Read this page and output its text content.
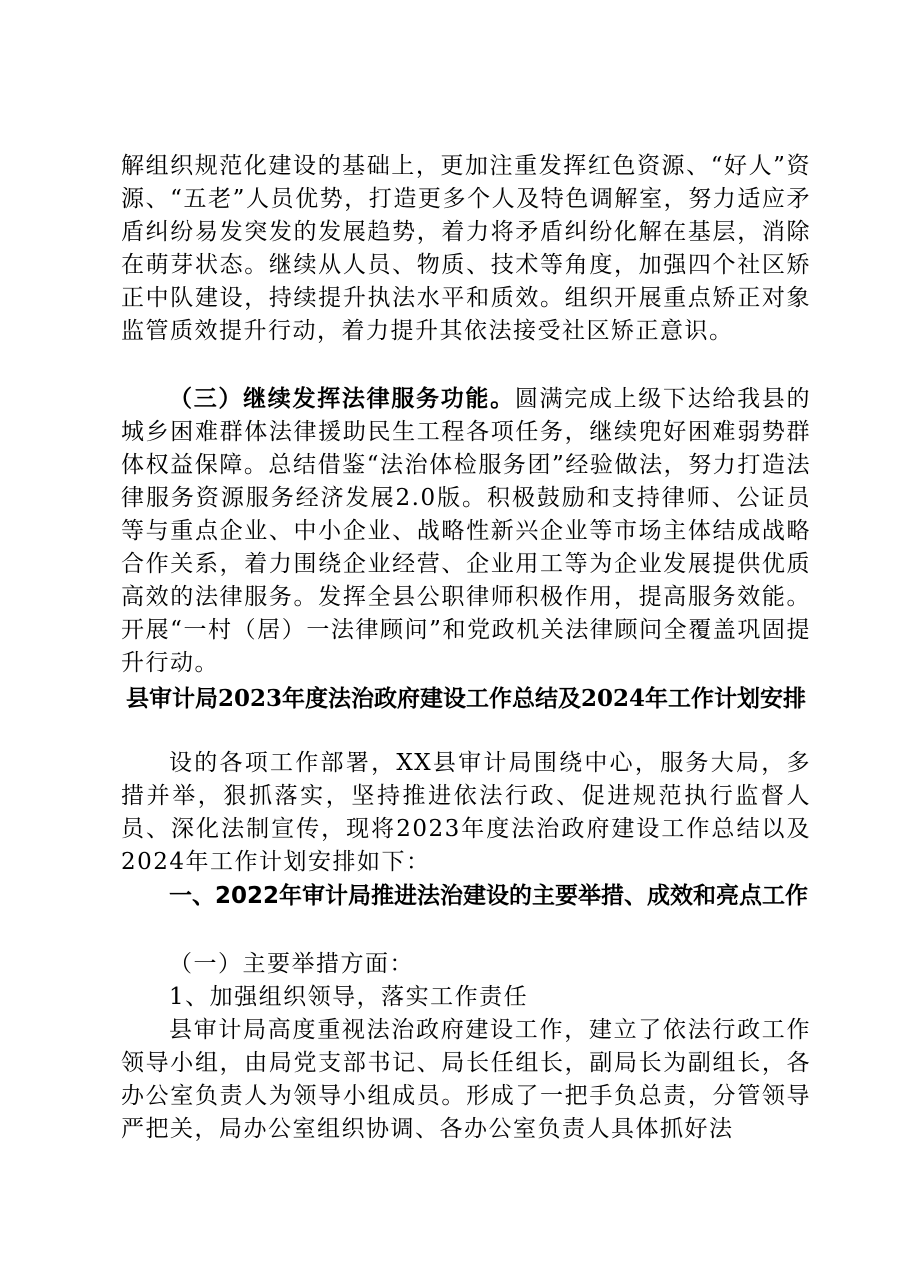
解组织规范化建设的基础上，更加注重发挥红色资源、“好人”资源、“五老”人员优势，打造更多个人及特色调解室，努力适应矛盾纠纷易发突发的发展趋势，着力将矛盾纠纷化解在基层，消除在萌芽状态。继续从人员、物质、技术等角度，加强四个社区矫正中队建设，持续提升执法水平和质效。组织开展重点矫正对象监管质效提升行动，着力提升其依法接受社区矫正意识。

（三）继续发挥法律服务功能。圆满完成上级下达给我县的城乡困难群体法律援助民生工程各项任务，继续兜好困难弱势群体权益保障。总结借鉴“法治体检服务团”经验做法，努力打造法律服务资源服务经济发展2.0版。积极鼓励和支持律师、公证员等与重点企业、中小企业、战略性新兴企业等市场主体结成战略合作关系，着力围绕企业经营、企业用工等为企业发展提供优质高效的法律服务。发挥全县公职律师积极作用，提高服务效能。开展“一村（居）一法律顾问”和党政机关法律顾问全覆盖巩固提升行动。

县审计局2023年度法治政府建设工作总结及2024年工作计划安排

设的各项工作部署，XX县审计局围绕中心，服务大局，多措并举，狠抓落实，坚持推进依法行政、促进规范执行监督人员、深化法制宣传，现将2023年度法治政府建设工作总结以及2024年工作计划安排如下：

一、2022年审计局推进法治建设的主要举措、成效和亮点工作

（一）主要举措方面：

1、加强组织领导，落实工作责任

县审计局高度重视法治政府建设工作，建立了依法行政工作领导小组，由局党支部书记、局长任组长，副局长为副组长，各办公室负责人为领导小组成员。形成了一把手负总责，分管领导严把关，局办公室组织协调、各办公室负责人具体抓好法
